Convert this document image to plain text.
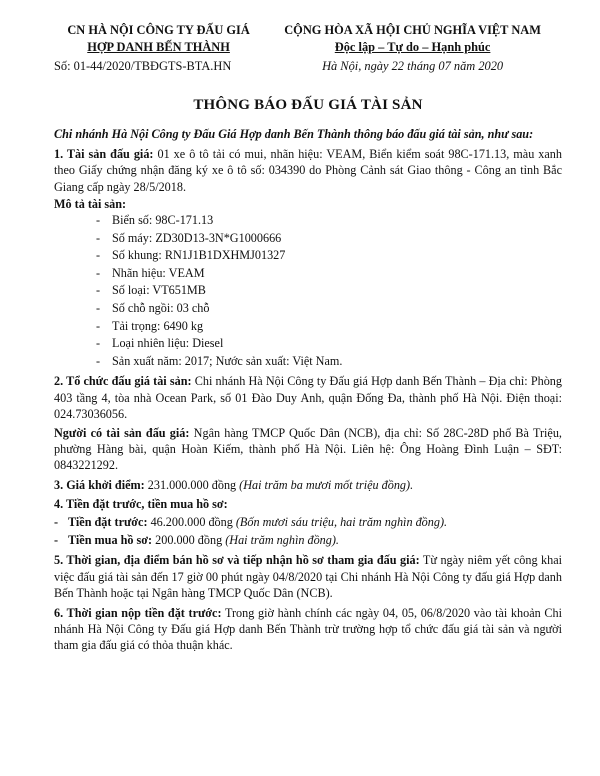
CN HÀ NỘI CÔNG TY ĐẤU GIÁ
HỢP DANH BẾN THÀNH
Số: 01-44/2020/TBĐGTS-BTA.HN
CỘNG HÒA XÃ HỘI CHỦ NGHĨA VIỆT NAM
Độc lập – Tự do – Hạnh phúc
Hà Nội, ngày 22 tháng 07 năm 2020
THÔNG BÁO ĐẤU GIÁ TÀI SẢN

Chi nhánh Hà Nội Công ty Đấu Giá Hợp danh Bến Thành thông báo đấu giá tài sản, như sau:

1. Tài sản đấu giá: 01 xe ô tô tải có mui, nhãn hiệu: VEAM, Biển kiểm soát 98C-171.13, màu xanh theo Giấy chứng nhận đăng ký xe ô tô số: 034390 do Phòng Cảnh sát Giao thông - Công an tỉnh Bắc Giang cấp ngày 28/5/2018.

Mô tả tài sản:

- Biển số: 98C-171.13
- Số máy: ZD30D13-3N*G1000666
- Số khung: RN1J1B1DXHMJ01327
- Nhãn hiệu: VEAM
- Số loại: VT651MB
- Số chỗ ngồi: 03 chỗ
- Tải trọng: 6490 kg
- Loại nhiên liệu: Diesel
- Sản xuất năm: 2017; Nước sản xuất: Việt Nam.

2. Tổ chức đấu giá tài sản: Chi nhánh Hà Nội Công ty Đấu giá Hợp danh Bến Thành – Địa chỉ: Phòng 403 tầng 4, tòa nhà Ocean Park, số 01 Đào Duy Anh, quận Đống Đa, thành phố Hà Nội. Điện thoại: 024.73036056.

Người có tài sản đấu giá: Ngân hàng TMCP Quốc Dân (NCB), địa chỉ: Số 28C-28D phố Bà Triệu, phường Hàng bài, quận Hoàn Kiếm, thành phố Hà Nội. Liên hệ: Ông Hoàng Đình Luận – SĐT: 0843221292.

3. Giá khởi điểm: 231.000.000 đồng (Hai trăm ba mươi mốt triệu đồng).

4. Tiền đặt trước, tiền mua hồ sơ:

- Tiền đặt trước: 46.200.000 đồng (Bốn mươi sáu triệu, hai trăm nghìn đồng).

- Tiền mua hồ sơ: 200.000 đồng (Hai trăm nghìn đồng).

5. Thời gian, địa điểm bán hồ sơ và tiếp nhận hồ sơ tham gia đấu giá: Từ ngày niêm yết công khai việc đấu giá tài sản đến 17 giờ 00 phút ngày 04/8/2020 tại Chi nhánh Hà Nội Công ty đấu giá Hợp danh Bến Thành hoặc tại Ngân hàng TMCP Quốc Dân (NCB).

6. Thời gian nộp tiền đặt trước: Trong giờ hành chính các ngày 04, 05, 06/8/2020 vào tài khoản Chi nhánh Hà Nội Công ty Đấu giá Hợp danh Bến Thành trừ trường hợp tổ chức đấu giá tài sản và người tham gia đấu giá có thỏa thuận khác.
